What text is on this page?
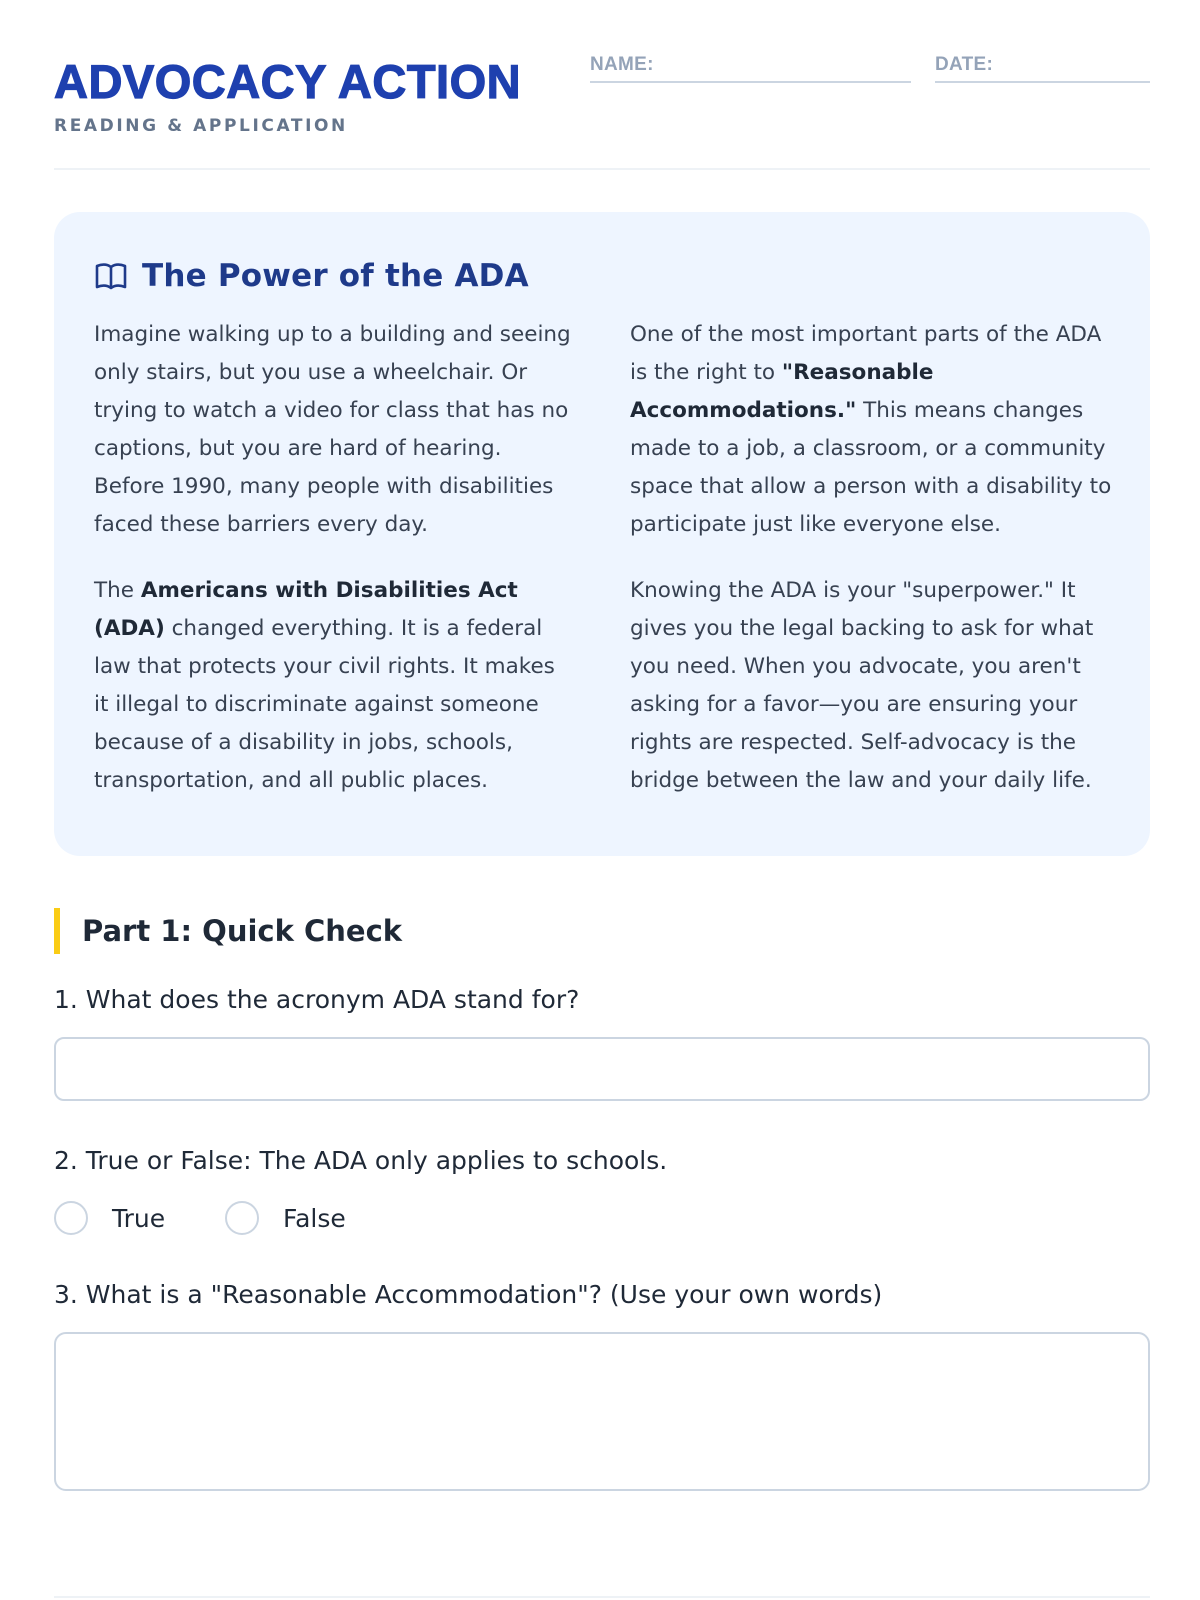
ADVOCACY ACTION
READING & APPLICATION
NAME:	DATE:
The Power of the ADA

Imagine walking up to a building and seeing only stairs, but you use a wheelchair. Or trying to watch a video for class that has no captions, but you are hard of hearing. Before 1990, many people with disabilities faced these barriers every day.

The Americans with Disabilities Act (ADA) changed everything. It is a federal law that protects your civil rights. It makes it illegal to discriminate against someone because of a disability in jobs, schools, transportation, and all public places.

One of the most important parts of the ADA is the right to "Reasonable Accommodations." This means changes made to a job, a classroom, or a community space that allow a person with a disability to participate just like everyone else.

Knowing the ADA is your "superpower." It gives you the legal backing to ask for what you need. When you advocate, you aren't asking for a favor—you are ensuring your rights are respected. Self-advocacy is the bridge between the law and your daily life.

Part 1: Quick Check
1. What does the acronym ADA stand for?
2. True or False: The ADA only applies to schools.
True	False
3. What is a "Reasonable Accommodation"? (Use your own words)
